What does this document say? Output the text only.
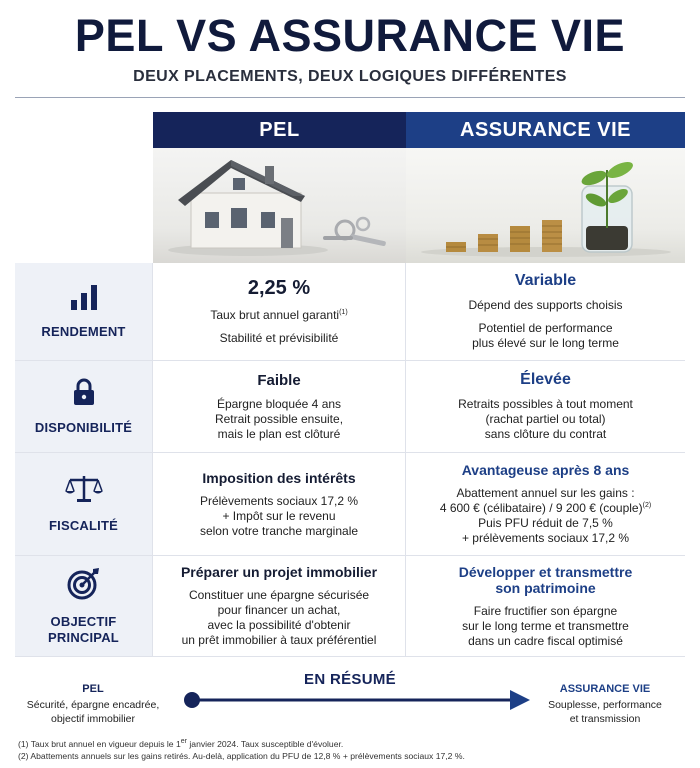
PEL VS ASSURANCE VIE
DEUX PLACEMENTS, DEUX LOGIQUES DIFFÉRENTES
PEL	ASSURANCE VIE
RENDEMENT
2,25 %
Taux brut annuel garanti$^{(1)}$
Stabilité et prévisibilité
Variable
Dépend des supports choisis
Potentiel de performance
plus élevé sur le long terme
DISPONIBILITÉ
Faible
Épargne bloquée 4 ans
Retrait possible ensuite,
mais le plan est clôturé
Élevée
Retraits possibles à tout moment
(rachat partiel ou total)
sans clôture du contrat
FISCALITÉ
Imposition des intérêts
Prélèvements sociaux 17,2 %
+ Impôt sur le revenu
selon votre tranche marginale
Avantageuse après 8 ans
Abattement annuel sur les gains :
4 600 € (célibataire) / 9 200 € (couple)$^{(2)}$
Puis PFU réduit de 7,5 %
+ prélèvements sociaux 17,2 %
OBJECTIF
PRINCIPAL
Préparer un projet immobilier
Constituer une épargne sécurisée
pour financer un achat,
avec la possibilité d'obtenir
un prêt immobilier à taux préférentiel
Développer et transmettre
son patrimoine
Faire fructifier son épargne
sur le long terme et transmettre
dans un cadre fiscal optimisé
EN RÉSUMÉ
PEL
Sécurité, épargne encadrée,
objectif immobilier
ASSURANCE VIE
Souplesse, performance
et transmission
(1) Taux brut annuel en vigueur depuis le 1er janvier 2024. Taux susceptible d'évoluer.
(2) Abattements annuels sur les gains retirés. Au-delà, application du PFU de 12,8 % + prélèvements sociaux 17,2 %.
